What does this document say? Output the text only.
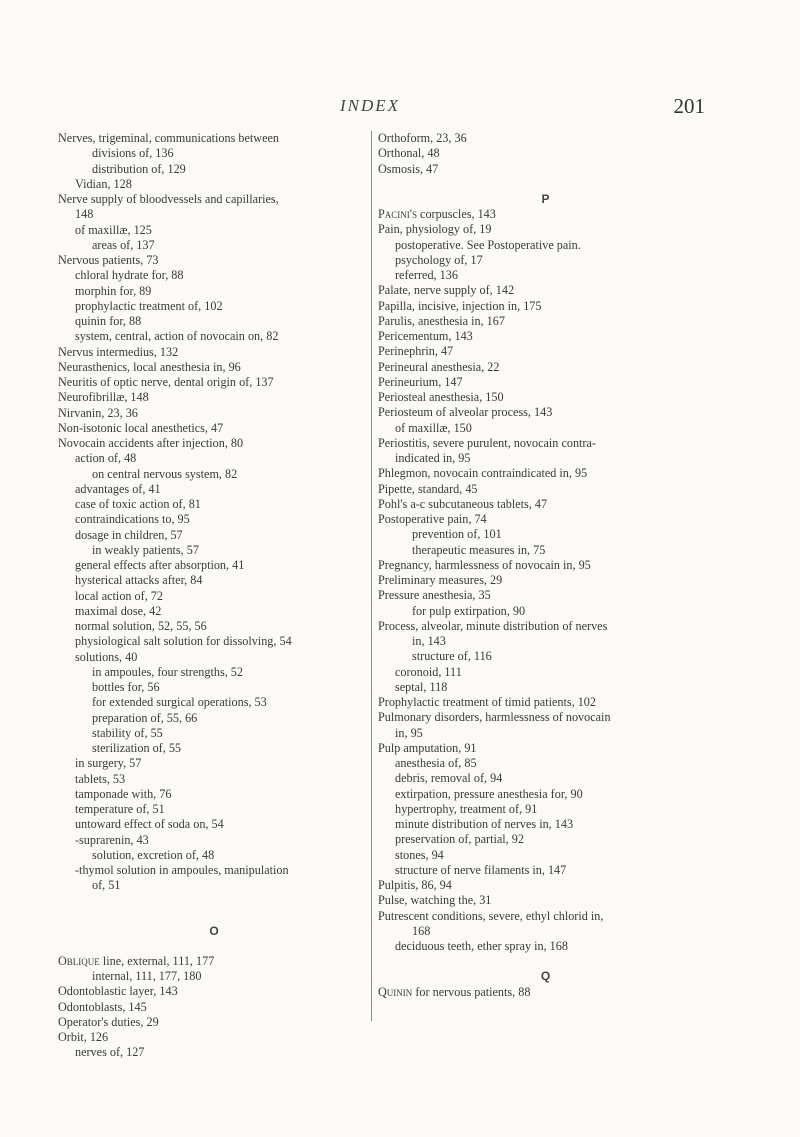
INDEX	201
Nerves, trigeminal, communications between
divisions of, 136
distribution of, 129
Vidian, 128
Nerve supply of bloodvessels and capillaries,
148
of maxillæ, 125
areas of, 137
Nervous patients, 73
chloral hydrate for, 88
morphin for, 89
prophylactic treatment of, 102
quinin for, 88
system, central, action of novocain on, 82
Nervus intermedius, 132
Neurasthenics, local anesthesia in, 96
Neuritis of optic nerve, dental origin of, 137
Neurofibrillæ, 148
Nirvanin, 23, 36
Non-isotonic local anesthetics, 47
Novocain accidents after injection, 80
action of, 48
on central nervous system, 82
advantages of, 41
case of toxic action of, 81
contraindications to, 95
dosage in children, 57
in weakly patients, 57
general effects after absorption, 41
hysterical attacks after, 84
local action of, 72
maximal dose, 42
normal solution, 52, 55, 56
physiological salt solution for dissolving, 54
solutions, 40
in ampoules, four strengths, 52
bottles for, 56
for extended surgical operations, 53
preparation of, 55, 66
stability of, 55
sterilization of, 55
in surgery, 57
tablets, 53
tamponade with, 76
temperature of, 51
untoward effect of soda on, 54
-suprarenin, 43
solution, excretion of, 48
-thymol solution in ampoules, manipulation
of, 51
O
Oblique line, external, 111, 177
internal, 111, 177, 180
Odontoblastic layer, 143
Odontoblasts, 145
Operator's duties, 29
Orbit, 126
nerves of, 127
Orthoform, 23, 36
Orthonal, 48
Osmosis, 47
P
Pacini's corpuscles, 143
Pain, physiology of, 19
postoperative. See Postoperative pain.
psychology of, 17
referred, 136
Palate, nerve supply of, 142
Papilla, incisive, injection in, 175
Parulis, anesthesia in, 167
Pericementum, 143
Perinephrin, 47
Perineural anesthesia, 22
Perineurium, 147
Periosteal anesthesia, 150
Periosteum of alveolar process, 143
of maxillæ, 150
Periostitis, severe purulent, novocain contra-
indicated in, 95
Phlegmon, novocain contraindicated in, 95
Pipette, standard, 45
Pohl's a-c subcutaneous tablets, 47
Postoperative pain, 74
prevention of, 101
therapeutic measures in, 75
Pregnancy, harmlessness of novocain in, 95
Preliminary measures, 29
Pressure anesthesia, 35
for pulp extirpation, 90
Process, alveolar, minute distribution of nerves
in, 143
structure of, 116
coronoid, 111
septal, 118
Prophylactic treatment of timid patients, 102
Pulmonary disorders, harmlessness of novocain
in, 95
Pulp amputation, 91
anesthesia of, 85
debris, removal of, 94
extirpation, pressure anesthesia for, 90
hypertrophy, treatment of, 91
minute distribution of nerves in, 143
preservation of, partial, 92
stones, 94
structure of nerve filaments in, 147
Pulpitis, 86, 94
Pulse, watching the, 31
Putrescent conditions, severe, ethyl chlorid in,
168
deciduous teeth, ether spray in, 168
Q
Quinin for nervous patients, 88
